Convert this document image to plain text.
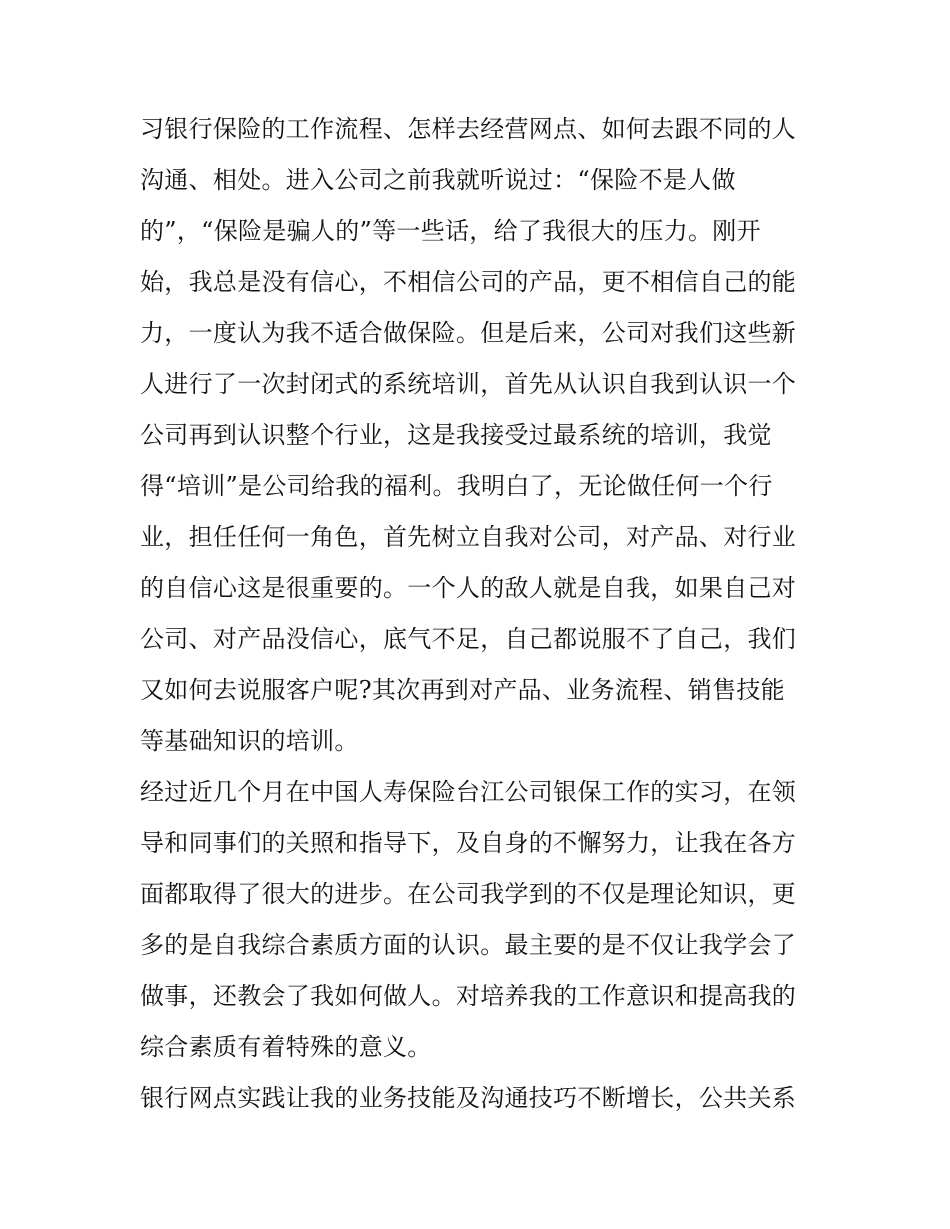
习银行保险的工作流程、怎样去经营网点、如何去跟不同的人
沟通、相处。进入公司之前我就听说过：“保险不是人做
的”，“保险是骗人的”等一些话，给了我很大的压力。刚开
始，我总是没有信心，不相信公司的产品，更不相信自己的能
力，一度认为我不适合做保险。但是后来，公司对我们这些新
人进行了一次封闭式的系统培训，首先从认识自我到认识一个
公司再到认识整个行业，这是我接受过最系统的培训，我觉
得“培训”是公司给我的福利。我明白了，无论做任何一个行
业，担任任何一角色，首先树立自我对公司，对产品、对行业
的自信心这是很重要的。一个人的敌人就是自我，如果自己对
公司、对产品没信心，底气不足，自己都说服不了自己，我们
又如何去说服客户呢?其次再到对产品、业务流程、销售技能
等基础知识的培训。
经过近几个月在中国人寿保险台江公司银保工作的实习，在领
导和同事们的关照和指导下，及自身的不懈努力，让我在各方
面都取得了很大的进步。在公司我学到的不仅是理论知识，更
多的是自我综合素质方面的认识。最主要的是不仅让我学会了
做事，还教会了我如何做人。对培养我的工作意识和提高我的
综合素质有着特殊的意义。
银行网点实践让我的业务技能及沟通技巧不断增长，公共关系
